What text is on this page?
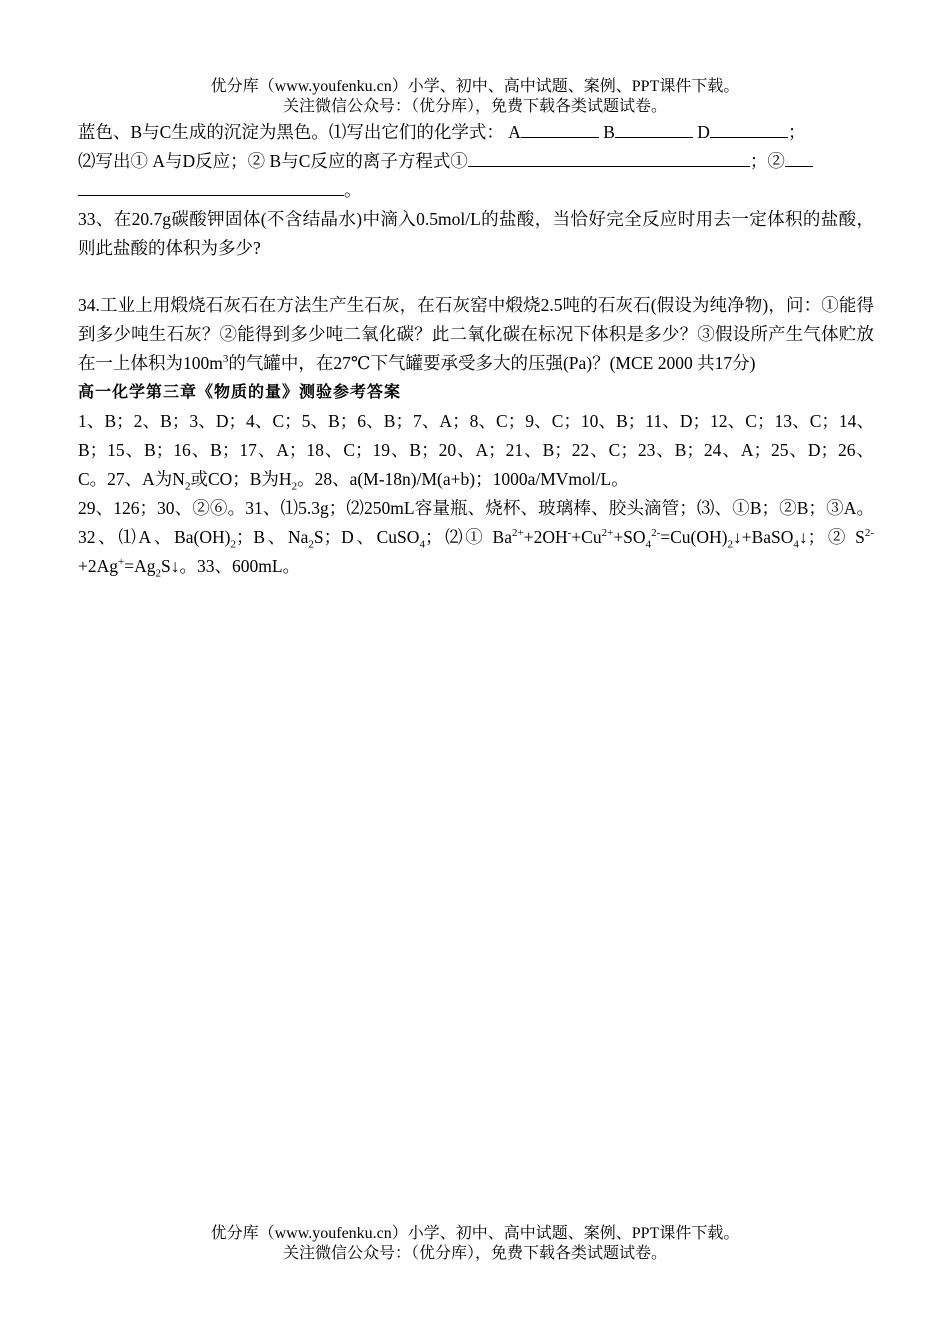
优分库（www.youfenku.cn）小学、初中、高中试题、案例、PPT课件下载。
关注微信公众号：（优分库），免费下载各类试题试卷。

蓝色、B与C生成的沉淀为黑色。⑴写出它们的化学式： A	B	D	；
⑵写出① A与D反应；② B与C反应的离子方程式①	；②
。

33、在20.7g碳酸钾固体(不含结晶水)中滴入0.5mol/L的盐酸，当恰好完全反应时用去一定体积的盐酸，则此盐酸的体积为多少?

34.工业上用煅烧石灰石在方法生产生石灰，在石灰窑中煅烧2.5吨的石灰石(假设为纯净物)，问：①能得到多少吨生石灰？②能得到多少吨二氧化碳？此二氧化碳在标况下体积是多少？③假设所产生气体贮放在一上体积为$100m^3$的气罐中，在27℃下气罐要承受多大的压强(Pa)？(MCE 2000 共17分)

高一化学第三章《物质的量》测验参考答案

1、B；2、B；3、D；4、C；5、B；6、B；7、A；8、C；9、C；10、B；11、D；12、C；13、C；14、B；15、B；16、B；17、A；18、C；19、B；20、A；21、B；22、C；23、B；24、A；25、D；26、C。27、A为$N_2$或CO；B为$H_2$。28、a(M-18n)/M(a+b)；1000a/MVmol/L。

29、126；30、②⑥。31、⑴5.3g；⑵250mL容量瓶、烧杯、玻璃棒、胶头滴管；⑶、①B；②B；③A。32、⑴A、$Ba(OH)_2$；B、$Na_2S$；D、CuSO$_4$；⑵① $Ba^{2+}+2OH^-+Cu^{2+}+SO_4^{2-}=Cu(OH)_2↓+BaSO_4↓$；② $S^{2-}+2Ag^+=Ag_2S↓$。33、600mL。

优分库（www.youfenku.cn）小学、初中、高中试题、案例、PPT课件下载。
关注微信公众号：（优分库），免费下载各类试题试卷。
